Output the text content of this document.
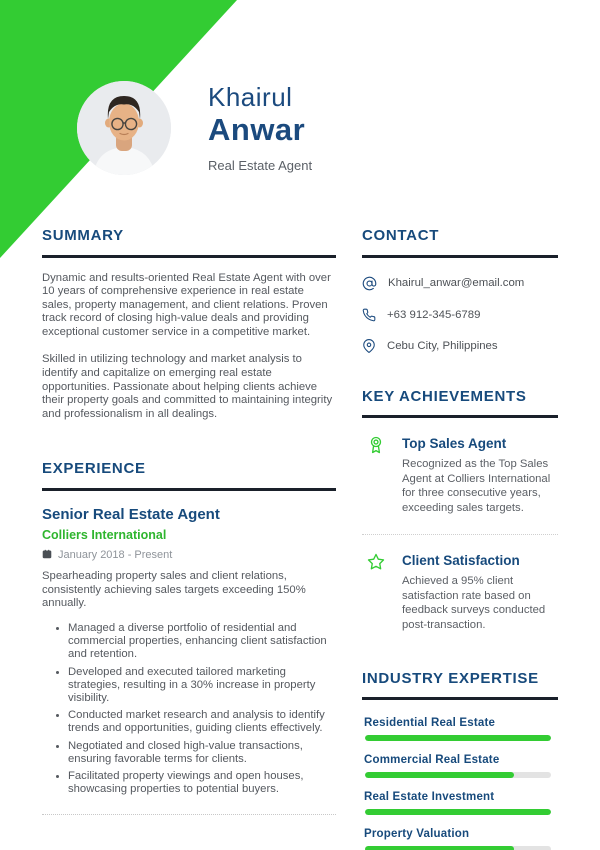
Khairul
Anwar
Real Estate Agent
SUMMARY

Dynamic and results-oriented Real Estate Agent with over 10 years of comprehensive experience in real estate sales, property management, and client relations. Proven track record of closing high-value deals and providing exceptional customer service in a competitive market.

Skilled in utilizing technology and market analysis to identify and capitalize on emerging real estate opportunities. Passionate about helping clients achieve their property goals and committed to maintaining integrity and professionalism in all dealings.

EXPERIENCE
Senior Real Estate Agent
Colliers International
January 2018 - Present

Spearheading property sales and client relations, consistently achieving sales targets exceeding 150% annually.

• Managed a diverse portfolio of residential and commercial properties, enhancing client satisfaction and retention.
• Developed and executed tailored marketing strategies, resulting in a 30% increase in property visibility.
• Conducted market research and analysis to identify trends and opportunities, guiding clients effectively.
• Negotiated and closed high-value transactions, ensuring favorable terms for clients.
• Facilitated property viewings and open houses, showcasing properties to potential buyers.
CONTACT
Khairul_anwar@email.com
+63 912-345-6789
Cebu City, Philippines
KEY ACHIEVEMENTS
Top Sales Agent
Recognized as the Top Sales Agent at Colliers International for three consecutive years, exceeding sales targets.
Client Satisfaction
Achieved a 95% client satisfaction rate based on feedback surveys conducted post-transaction.
INDUSTRY EXPERTISE
Residential Real Estate
Commercial Real Estate
Real Estate Investment
Property Valuation
